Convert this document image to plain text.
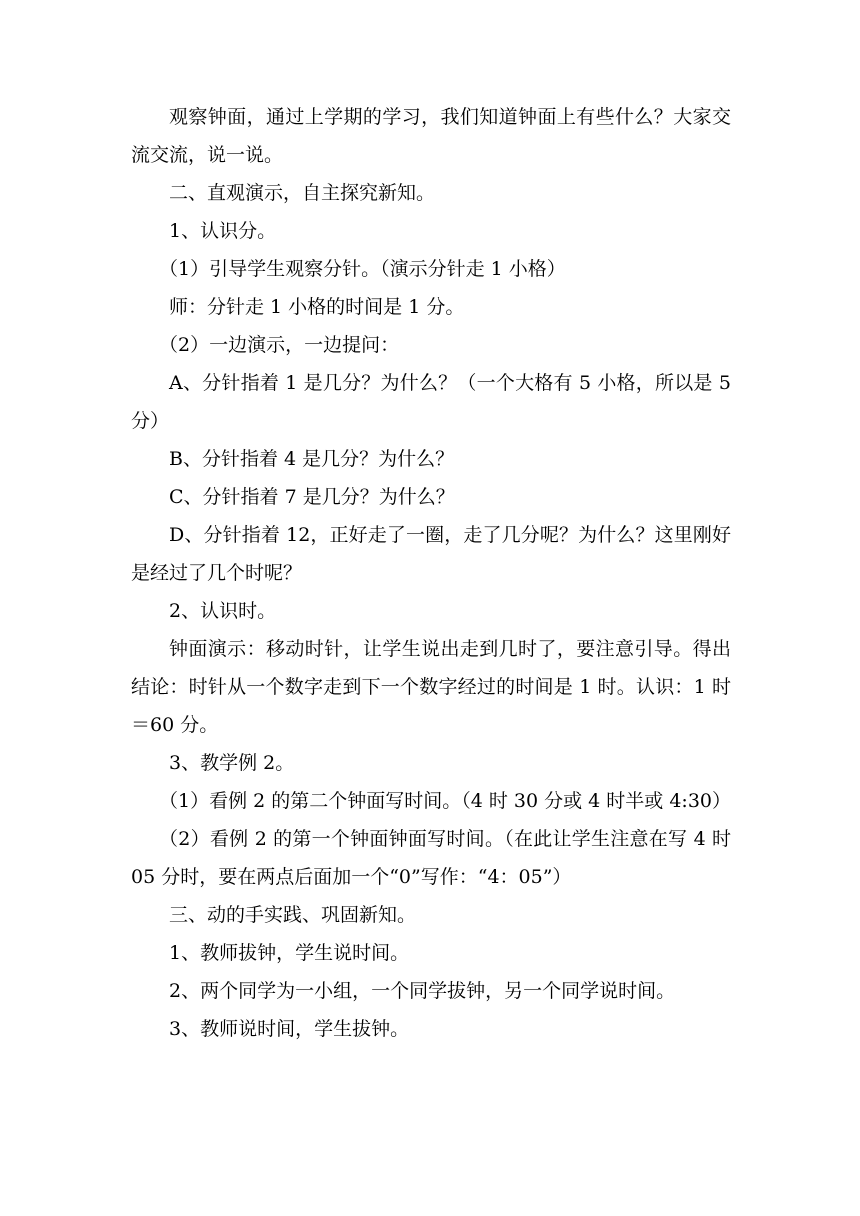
观察钟面，通过上学期的学习，我们知道钟面上有些什么？大家交流交流，说一说。

二、直观演示，自主探究新知。

1、认识分。

（1）引导学生观察分针。（演示分针走 1 小格）

师：分针走 1 小格的时间是 1 分。

（2）一边演示，一边提问：

A、分针指着 1 是几分？为什么？（一个大格有 5 小格，所以是 5 分）

B、分针指着 4 是几分？为什么？

C、分针指着 7 是几分？为什么？

D、分针指着 12，正好走了一圈，走了几分呢？为什么？这里刚好是经过了几个时呢？

2、认识时。

钟面演示：移动时针，让学生说出走到几时了，要注意引导。得出结论：时针从一个数字走到下一个数字经过的时间是 1 时。认识：1 时＝60 分。

3、教学例 2。

（1）看例 2 的第二个钟面写时间。（4 时 30 分或 4 时半或 4:30）

（2）看例 2 的第一个钟面钟面写时间。（在此让学生注意在写 4 时 05 分时，要在两点后面加一个“0”写作：“4：05”）

三、动的手实践、巩固新知。

1、教师拔钟，学生说时间。

2、两个同学为一小组，一个同学拔钟，另一个同学说时间。

3、教师说时间，学生拔钟。
